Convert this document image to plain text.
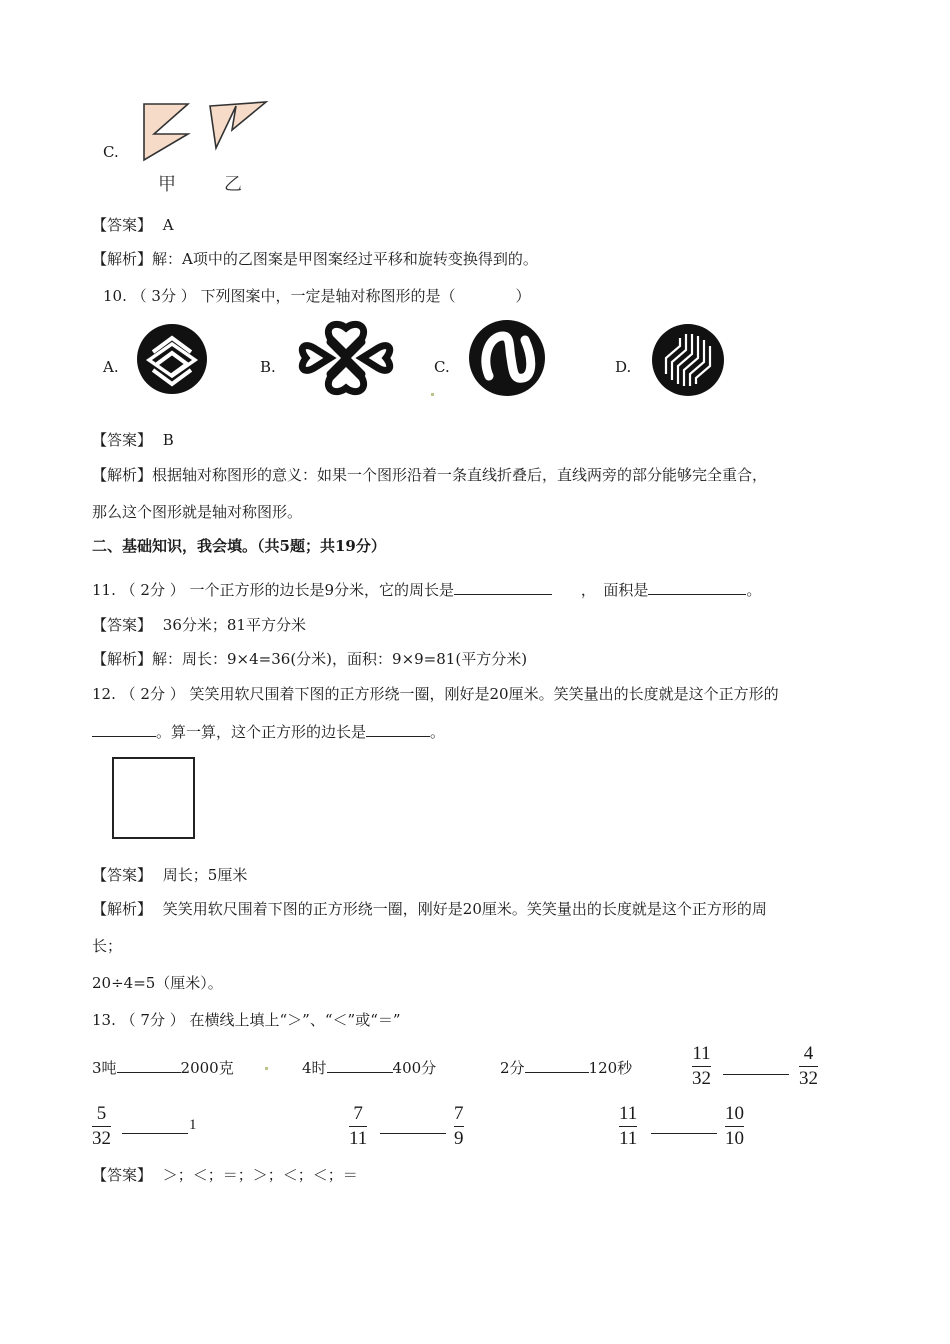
C.
甲	乙
【答案】 A
【解析】解：A项中的乙图案是甲图案经过平移和旋转变换得到的。
10. （ 3分 ） 下列图案中，一定是轴对称图形的是（　　　　）
A.	B.	C.	D.
【答案】 B
【解析】根据轴对称图形的意义：如果一个图形沿着一条直线折叠后，直线两旁的部分能够完全重合，
那么这个图形就是轴对称图形。
二、基础知识，我会填。（共5题；共19分）
11. （ 2分 ） 一个正方形的边长是9分米，它的周长是	，　面积是	。
【答案】 36分米；81平方分米
【解析】解：周长：9×4=36(分米)，面积：9×9=81(平方分米)
12. （ 2分 ） 笑笑用软尺围着下图的正方形绕一圈，刚好是20厘米。笑笑量出的长度就是这个正方形的
。算一算，这个正方形的边长是	。
【答案】 周长；5厘米
【解析】 笑笑用软尺围着下图的正方形绕一圈，刚好是20厘米。笑笑量出的长度就是这个正方形的周
长；
20÷4=5（厘米）。
13. （ 7分 ） 在横线上填上“＞”、“＜”或“＝”
3吨	2000克	4时	400分	2分	120秒
11
32
4
32
5
32
1
7
11
7
9
11
11
10
10
【答案】 ＞；＜；＝；＞；＜；＜；＝
